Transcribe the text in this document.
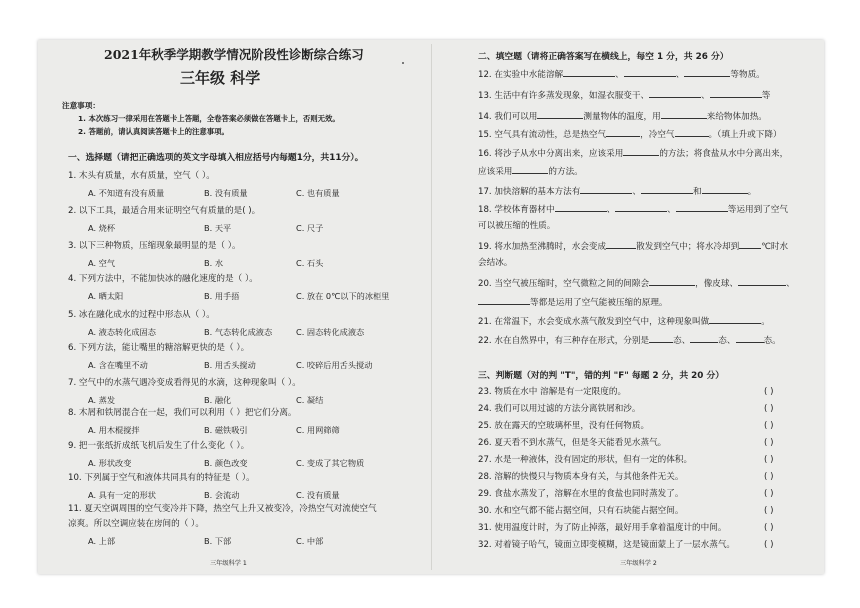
2021年秋季学期教学情况阶段性诊断综合练习
三年级 科学
注意事项：
1. 本次练习一律采用在答题卡上答题，全卷答案必须做在答题卡上，否则无效。
2. 答题前，请认真阅读答题卡上的注意事项。
一、选择题（请把正确选项的英文字母填入相应括号内每题1分，共11分）。
1. 木头有质量，水有质量，空气（ ）。
A. 不知道有没有质量	B. 没有质量	C. 也有质量
2. 以下工具，最适合用来证明空气有质量的是( )。
A. 烧杯	B. 天平	C. 尺子
3. 以下三种物质，压缩现象最明显的是（ ）。
A. 空气	B. 水	C. 石头
4. 下列方法中，不能加快冰的融化速度的是（ ）。
A. 晒太阳	B. 用手捂	C. 放在 0℃以下的冰柜里
5. 冰在融化成水的过程中形态从（ ）。
A. 液态转化成固态	B. 气态转化成液态	C. 固态转化成液态
6. 下列方法，能让嘴里的糖溶解更快的是（ ）。
A. 含在嘴里不动	B. 用舌头搅动	C. 咬碎后用舌头搅动
7. 空气中的水蒸气遇冷变成看得见的水滴，这种现象叫（ ）。
A. 蒸发	B. 融化	C. 凝结
8. 木屑和铁屑混合在一起，我们可以利用（ ）把它们分离。
A. 用木棍搅拌	B. 磁铁吸引	C. 用网筛筛
9. 把一张纸折成纸飞机后发生了什么变化（ ）。
A. 形状改变	B. 颜色改变	C. 变成了其它物质
10. 下列属于空气和液体共同具有的特征是（ ）。
A. 具有一定的形状	B. 会流动	C. 没有质量
11. 夏天空调周围的空气变冷并下降，热空气上升又被变冷，冷热空气对流使空气
凉爽。所以空调应装在房间的（ ）。
A. 上部	B. 下部	C. 中部
三年级科学 1
二、填空题（请将正确答案写在横线上，每空 1 分，共 26 分）
12. 在实验中水能溶解	、	、	等物质。
13. 生活中有许多蒸发现象，如湿衣服变干、	、	等
14. 我们可以用	测量物体的温度，用	来给物体加热。
15. 空气具有流动性，总是热空气	，冷空气	。（填上升或下降）
16. 将沙子从水中分离出来，应该采用	的方法；将食盐从水中分离出来，
应该采用	的方法。
17. 加快溶解的基本方法有	、	和	。
18. 学校体育器材中	、	、	等运用到了空气
可以被压缩的性质。
19. 将水加热至沸腾时，水会变成	散发到空气中；将水冷却到	℃时水
会结冰。
20. 当空气被压缩时，空气微粒之间的间隙会	，像皮球、	、
等都是运用了空气能被压缩的原理。
21. 在常温下，水会变成水蒸气散发到空气中，这种现象叫做	。
22. 水在自然界中，有三种存在形式，分别是	态、	态、	态。
三、判断题（对的判 "T"，错的判 "F" 每题 2 分，共 20 分）
23. 物质在水中 溶解是有一定限度的。	( )
24. 我们可以用过滤的方法分离铁屑和沙。	( )
25. 放在露天的空玻璃杯里，没有任何物质。	( )
26. 夏天看不到水蒸气，但是冬天能看见水蒸气。	( )
27. 水是一种液体，没有固定的形状，但有一定的体积。	( )
28. 溶解的快慢只与物质本身有关，与其他条件无关。	( )
29. 食盐水蒸发了，溶解在水里的食盐也同时蒸发了。	( )
30. 水和空气都不能占据空间，只有石块能占据空间。	( )
31. 使用温度计时，为了防止掉落，最好用手拿着温度计的中间。	( )
32. 对着镜子哈气，镜面立即变模糊，这是镜面蒙上了一层水蒸气。	( )
三年级科学 2
